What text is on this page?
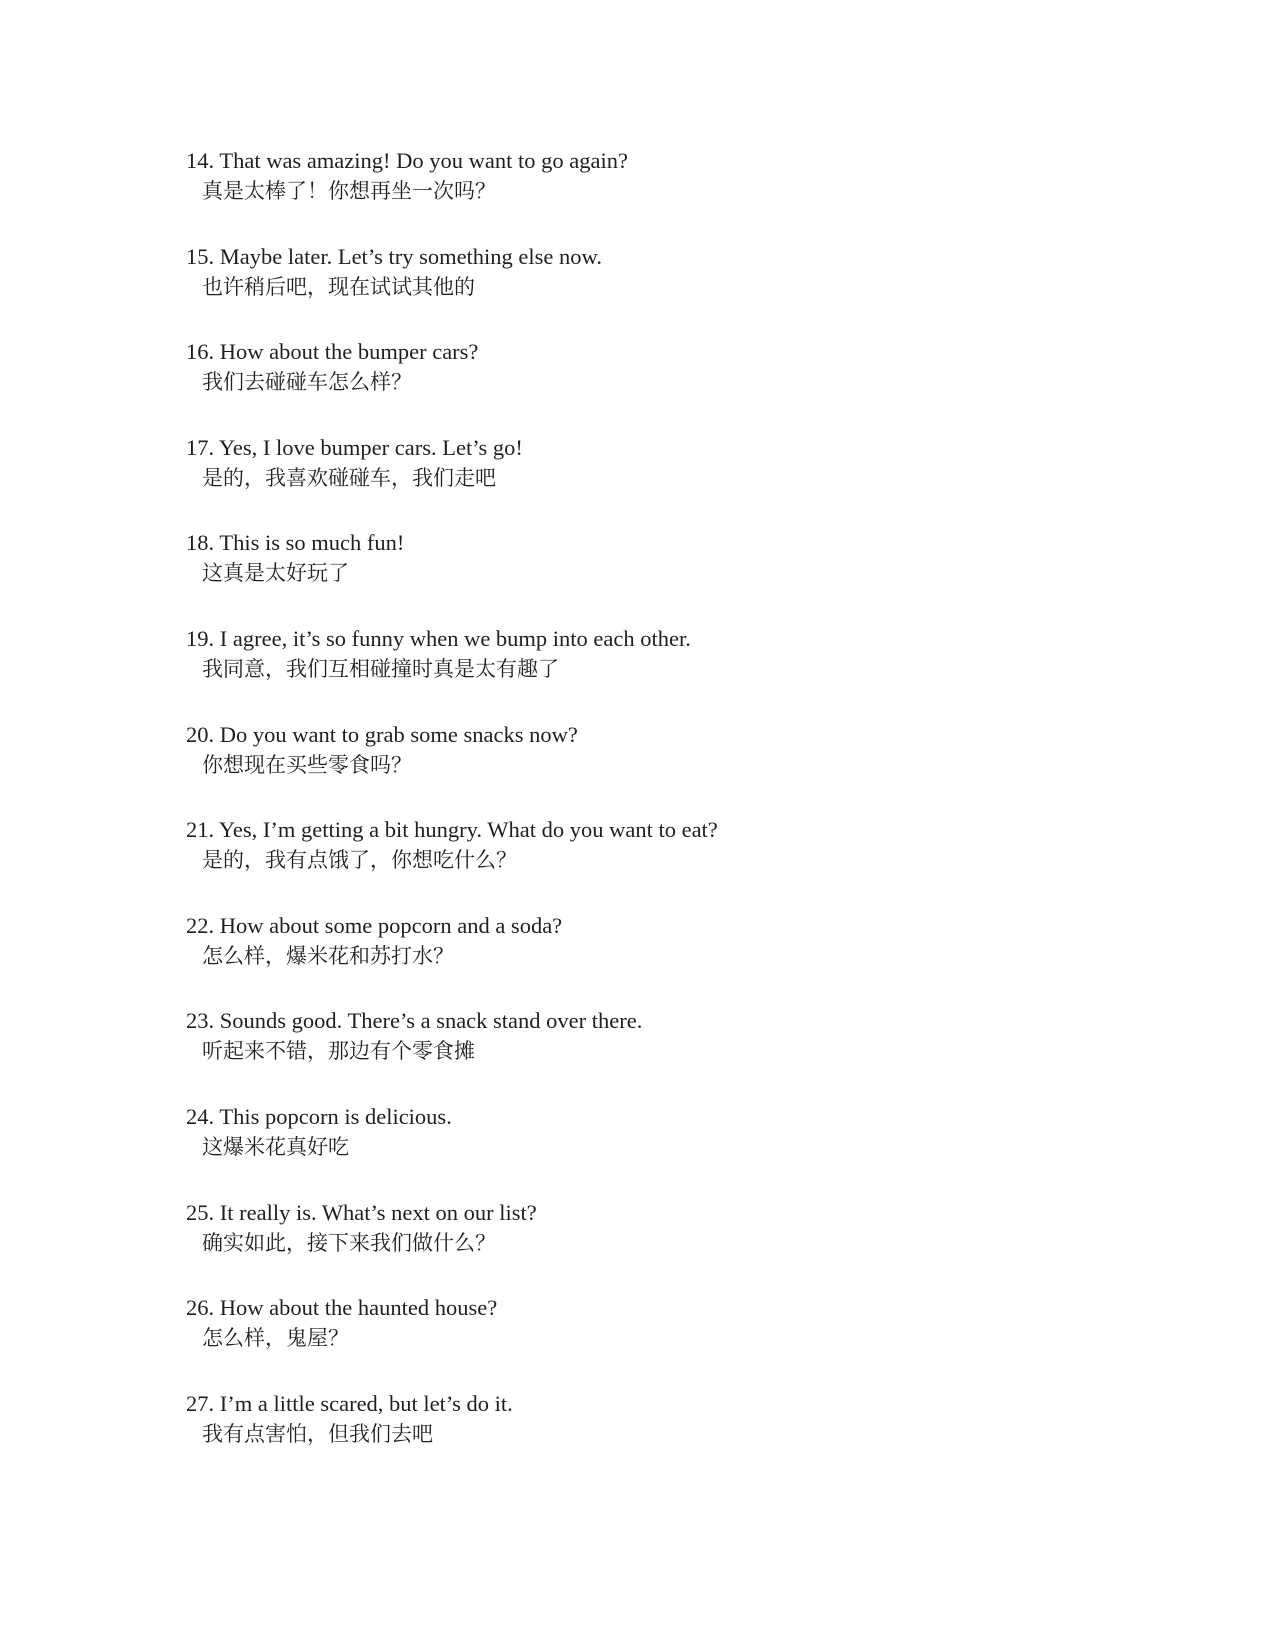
14. That was amazing! Do you want to go again?
真是太棒了！你想再坐一次吗？
15. Maybe later. Let’s try something else now.
也许稍后吧，现在试试其他的
16. How about the bumper cars?
我们去碰碰车怎么样？
17. Yes, I love bumper cars. Let’s go!
是的，我喜欢碰碰车，我们走吧
18. This is so much fun!
这真是太好玩了
19. I agree, it’s so funny when we bump into each other.
我同意，我们互相碰撞时真是太有趣了
20. Do you want to grab some snacks now?
你想现在买些零食吗？
21. Yes, I’m getting a bit hungry. What do you want to eat?
是的，我有点饿了，你想吃什么？
22. How about some popcorn and a soda?
怎么样，爆米花和苏打水？
23. Sounds good. There’s a snack stand over there.
听起来不错，那边有个零食摊
24. This popcorn is delicious.
这爆米花真好吃
25. It really is. What’s next on our list?
确实如此，接下来我们做什么？
26. How about the haunted house?
怎么样，鬼屋？
27. I’m a little scared, but let’s do it.
我有点害怕，但我们去吧
